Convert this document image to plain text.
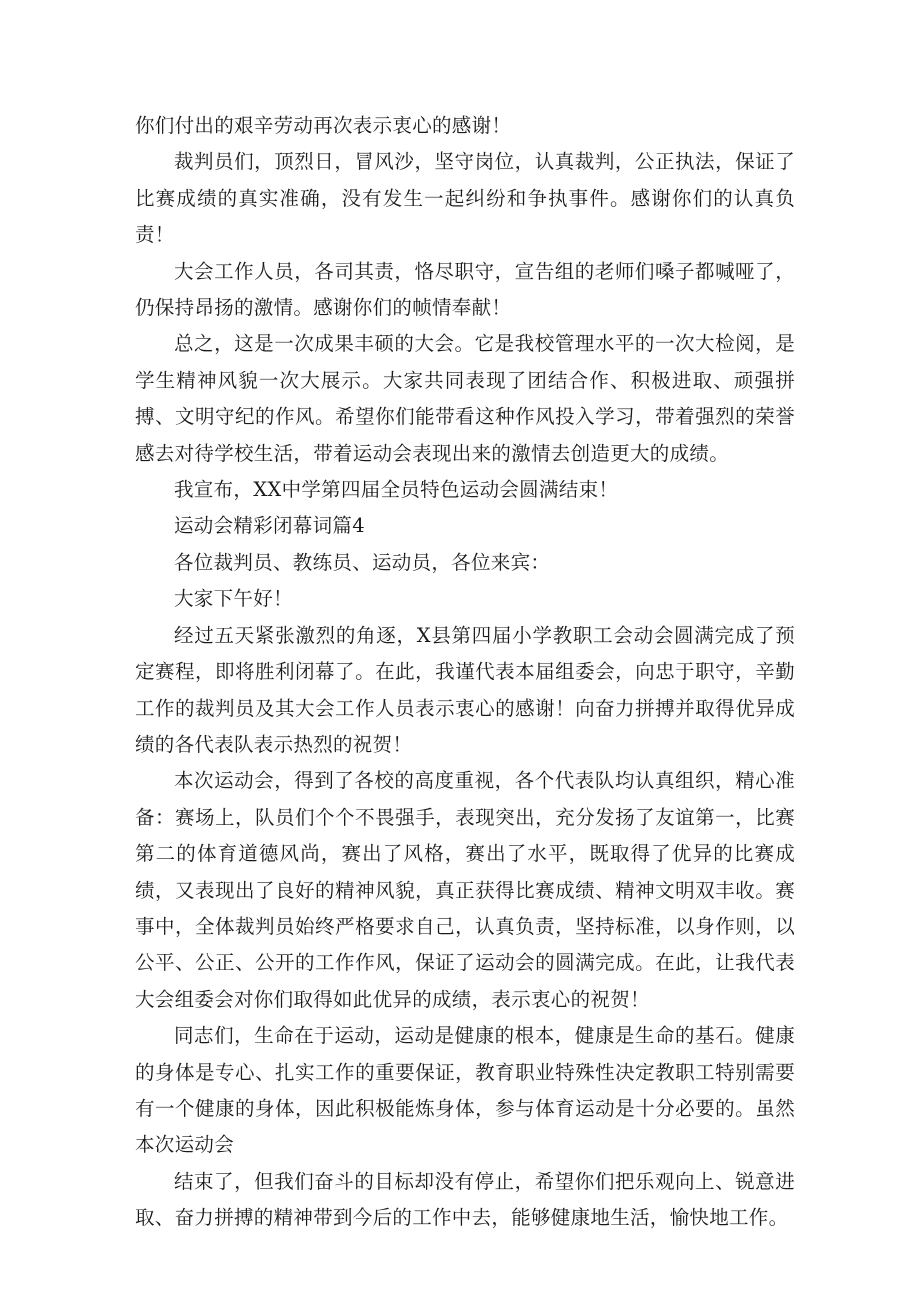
你们付出的艰辛劳动再次表示衷心的感谢！

裁判员们，顶烈日，冒风沙，坚守岗位，认真裁判，公正执法，保证了比赛成绩的真实准确，没有发生一起纠纷和争执事件。感谢你们的认真负责！

大会工作人员，各司其责，恪尽职守，宣告组的老师们嗓子都喊哑了，仍保持昂扬的激情。感谢你们的帧情奉献！

总之，这是一次成果丰硕的大会。它是我校管理水平的一次大检阅，是学生精神风貌一次大展示。大家共同表现了团结合作、积极进取、顽强拼搏、文明守纪的作风。希望你们能带看这种作风投入学习，带着强烈的荣誉感去对待学校生活，带着运动会表现出来的激情去创造更大的成绩。

我宣布，XX中学第四届全员特色运动会圆满结束！

运动会精彩闭幕词篇4

各位裁判员、教练员、运动员，各位来宾：

大家下午好！

经过五天紧张激烈的角逐，X县第四届小学教职工会动会圆满完成了预定赛程，即将胜利闭幕了。在此，我谨代表本届组委会，向忠于职守，辛勤工作的裁判员及其大会工作人员表示衷心的感谢！向奋力拼搏并取得优异成绩的各代表队表示热烈的祝贺！

本次运动会，得到了各校的高度重视，各个代表队均认真组织，精心准备：赛场上，队员们个个不畏强手，表现突出，充分发扬了友谊第一，比赛第二的体育道德风尚，赛出了风格，赛出了水平，既取得了优异的比赛成绩，又表现出了良好的精神风貌，真正获得比赛成绩、精神文明双丰收。赛事中，全体裁判员始终严格要求自己，认真负责，坚持标准，以身作则，以公平、公正、公开的工作作风，保证了运动会的圆满完成。在此，让我代表大会组委会对你们取得如此优异的成绩，表示衷心的祝贺！

同志们，生命在于运动，运动是健康的根本，健康是生命的基石。健康的身体是专心、扎实工作的重要保证，教育职业特殊性决定教职工特别需要有一个健康的身体，因此积极能炼身体，参与体育运动是十分必要的。虽然本次运动会

结束了，但我们奋斗的目标却没有停止，希望你们把乐观向上、锐意进取、奋力拼搏的精神带到今后的工作中去，能够健康地生活，愉快地工作。
